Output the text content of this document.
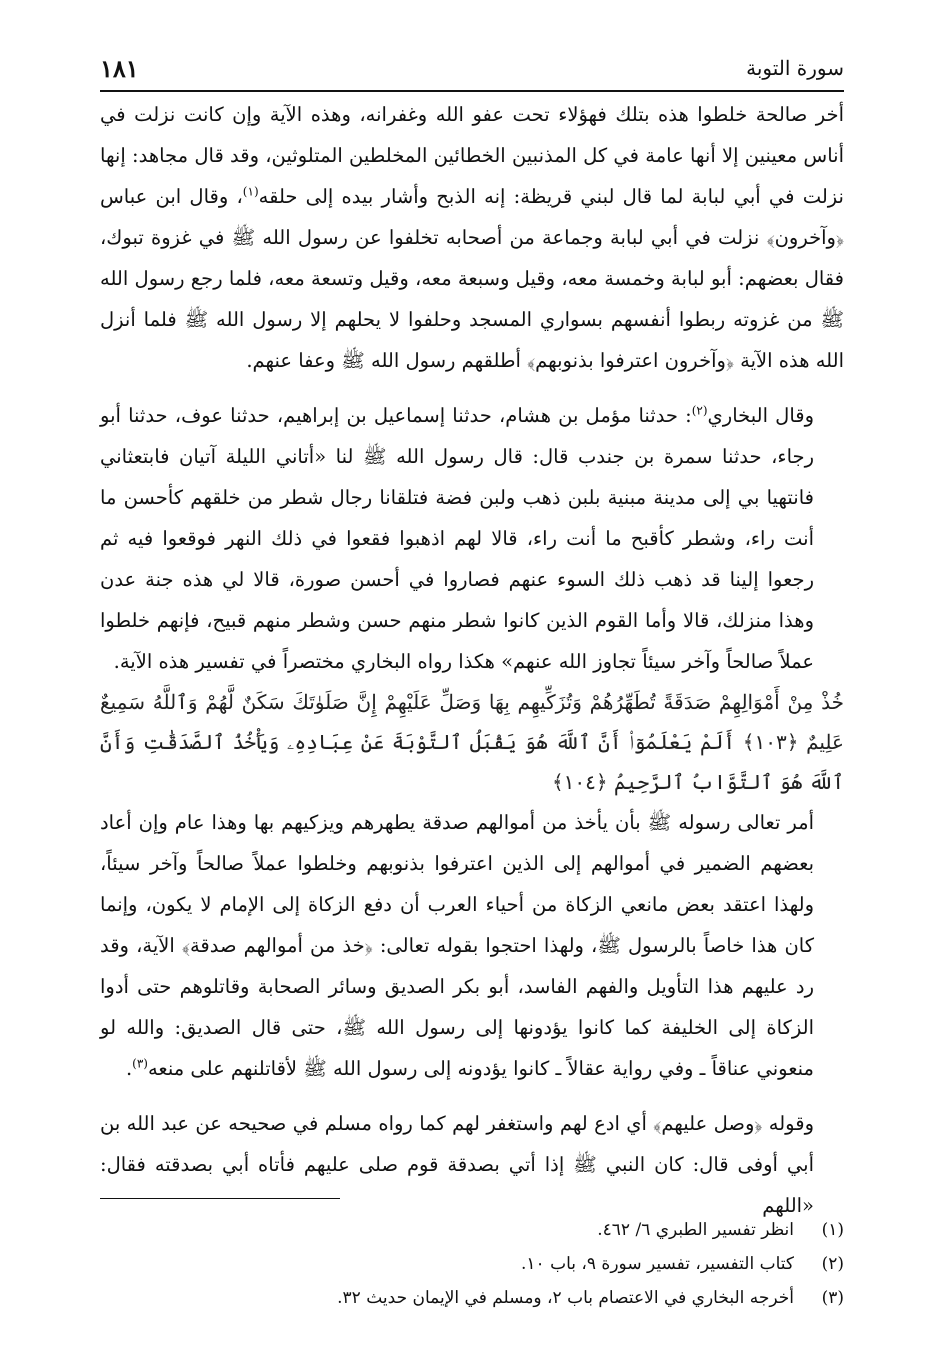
سورة التوبة
١٨١

أخر صالحة خلطوا هذه بتلك فهؤلاء تحت عفو الله وغفرانه، وهذه الآية وإن كانت نزلت في أناس معينين إلا أنها عامة في كل المذنبين الخطائين المخلطين المتلوثين، وقد قال مجاهد: إنها نزلت في أبي لبابة لما قال لبني قريظة: إنه الذبح وأشار بيده إلى حلقه$^{(١)}$، وقال ابن عباس ﴿وآخرون﴾ نزلت في أبي لبابة وجماعة من أصحابه تخلفوا عن رسول الله ﷺ في غزوة تبوك، فقال بعضهم: أبو لبابة وخمسة معه، وقيل وسبعة معه، وقيل وتسعة معه، فلما رجع رسول الله ﷺ من غزوته ربطوا أنفسهم بسواري المسجد وحلفوا لا يحلهم إلا رسول الله ﷺ فلما أنزل الله هذه الآية ﴿وآخرون اعترفوا بذنوبهم﴾ أطلقهم رسول الله ﷺ وعفا عنهم.

وقال البخاري$^{(٢)}$: حدثنا مؤمل بن هشام، حدثنا إسماعيل بن إبراهيم، حدثنا عوف، حدثنا أبو رجاء، حدثنا سمرة بن جندب قال: قال رسول الله ﷺ لنا «أتاني الليلة آتيان فابتعثاني فانتهيا بي إلى مدينة مبنية بلبن ذهب ولبن فضة فتلقانا رجال شطر من خلقهم كأحسن ما أنت راء، وشطر كأقبح ما أنت راء، قالا لهم اذهبوا فقعوا في ذلك النهر فوقعوا فيه ثم رجعوا إلينا قد ذهب ذلك السوء عنهم فصاروا في أحسن صورة، قالا لي هذه جنة عدن وهذا منزلك، قالا وأما القوم الذين كانوا شطر منهم حسن وشطر منهم قبيح، فإنهم خلطوا عملاً صالحاً وآخر سيئاً تجاوز الله عنهم» هكذا رواه البخاري مختصراً في تفسير هذه الآية.

خُذْ مِنْ أَمْوَالِهِمْ صَدَقَةً تُطَهِّرُهُمْ وَتُزَكِّيهِم بِهَا وَصَلِّ عَلَيْهِمْ إِنَّ صَلَوٰتَكَ سَكَنٌ لَّهُمْ وَٱللَّهُ سَمِيعٌ عَلِيمٌ ﴿١٠٣﴾ أَلَمْ يَعْلَمُوٓا۟ أَنَّ ٱللَّهَ هُوَ يَقْبَلُ ٱلتَّوْبَةَ عَنْ عِبَادِهِۦ وَيَأْخُذُ ٱلصَّدَقَٰتِ وَأَنَّ ٱللَّهَ هُوَ ٱلتَّوَّابُ ٱلرَّحِيمُ ﴿١٠٤﴾

أمر تعالى رسوله ﷺ بأن يأخذ من أموالهم صدقة يطهرهم ويزكيهم بها وهذا عام وإن أعاد بعضهم الضمير في أموالهم إلى الذين اعترفوا بذنوبهم وخلطوا عملاً صالحاً وآخر سيئاً، ولهذا اعتقد بعض مانعي الزكاة من أحياء العرب أن دفع الزكاة إلى الإمام لا يكون، وإنما كان هذا خاصاً بالرسول ﷺ، ولهذا احتجوا بقوله تعالى: ﴿خذ من أموالهم صدقة﴾ الآية، وقد رد عليهم هذا التأويل والفهم الفاسد، أبو بكر الصديق وسائر الصحابة وقاتلوهم حتى أدوا الزكاة إلى الخليفة كما كانوا يؤدونها إلى رسول الله ﷺ، حتى قال الصديق: والله لو منعوني عناقاً ـ وفي رواية عقالاً ـ كانوا يؤدونه إلى رسول الله ﷺ لأقاتلنهم على منعه$^{(٣)}$.

وقوله ﴿وصل عليهم﴾ أي ادع لهم واستغفر لهم كما رواه مسلم في صحيحه عن عبد الله بن أبي أوفى قال: كان النبي ﷺ إذا أتي بصدقة قوم صلى عليهم فأتاه أبي بصدقته فقال: «اللهم

(١)
انظر تفسير الطبري ٦/ ٤٦٢.
(٢)
كتاب التفسير، تفسير سورة ٩، باب ١٠.
(٣)
أخرجه البخاري في الاعتصام باب ٢، ومسلم في الإيمان حديث ٣٢.
